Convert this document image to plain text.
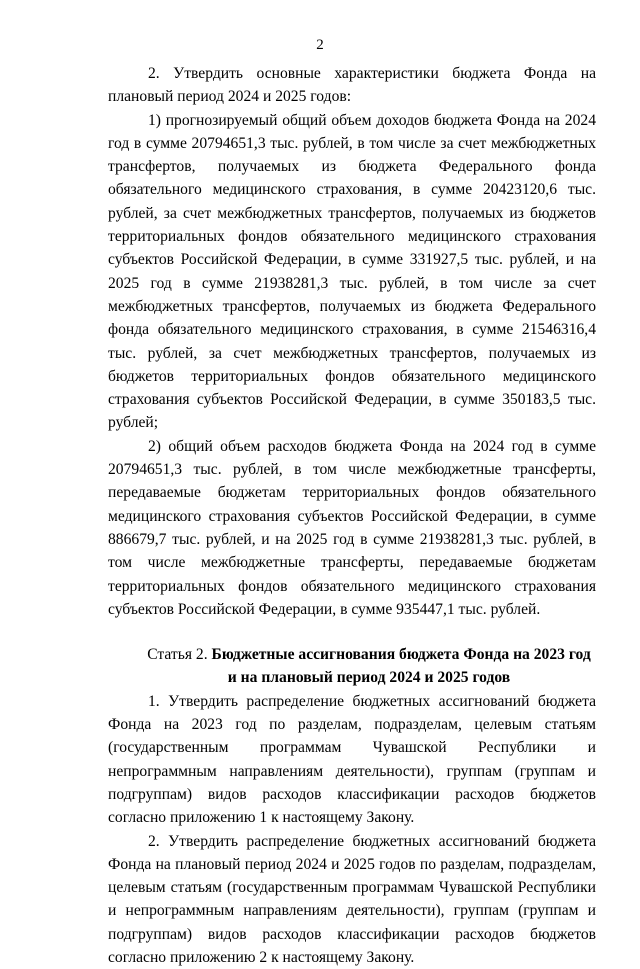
2

2. Утвердить основные характеристики бюджета Фонда на плановый период 2024 и 2025 годов:

1) прогнозируемый общий объем доходов бюджета Фонда на 2024 год в сумме 20794651,3 тыс. рублей, в том числе за счет межбюджетных трансфертов, получаемых из бюджета Федерального фонда обязательного медицинского страхования, в сумме 20423120,6 тыс. рублей, за счет межбюджетных трансфертов, получаемых из бюджетов территориальных фондов обязательного медицинского страхования субъектов Российской Федерации, в сумме 331927,5 тыс. рублей, и на 2025 год в сумме 21938281,3 тыс. рублей, в том числе за счет межбюджетных трансфертов, получаемых из бюджета Федерального фонда обязательного медицинского страхования, в сумме 21546316,4 тыс. рублей, за счет межбюджетных трансфертов, получаемых из бюджетов территориальных фондов обязательного медицинского страхования субъектов Российской Федерации, в сумме 350183,5 тыс. рублей;

2) общий объем расходов бюджета Фонда на 2024 год в сумме 20794651,3 тыс. рублей, в том числе межбюджетные трансферты, передаваемые бюджетам территориальных фондов обязательного медицинского страхования субъектов Российской Федерации, в сумме 886679,7 тыс. рублей, и на 2025 год в сумме 21938281,3 тыс. рублей, в том числе межбюджетные трансферты, передаваемые бюджетам территориальных фондов обязательного медицинского страхования субъектов Российской Федерации, в сумме 935447,1 тыс. рублей.

Статья 2. Бюджетные ассигнования бюджета Фонда на 2023 год
и на плановый период 2024 и 2025 годов

1. Утвердить распределение бюджетных ассигнований бюджета Фонда на 2023 год по разделам, подразделам, целевым статьям (государственным программам Чувашской Республики и непрограммным направлениям деятельности), группам (группам и подгруппам) видов расходов классификации расходов бюджетов согласно приложению 1 к настоящему Закону.

2. Утвердить распределение бюджетных ассигнований бюджета Фонда на плановый период 2024 и 2025 годов по разделам, подразделам, целевым статьям (государственным программам Чувашской Республики и непрограммным направлениям деятельности), группам (группам и подгруппам) видов расходов классификации расходов бюджетов согласно приложению 2 к настоящему Закону.
